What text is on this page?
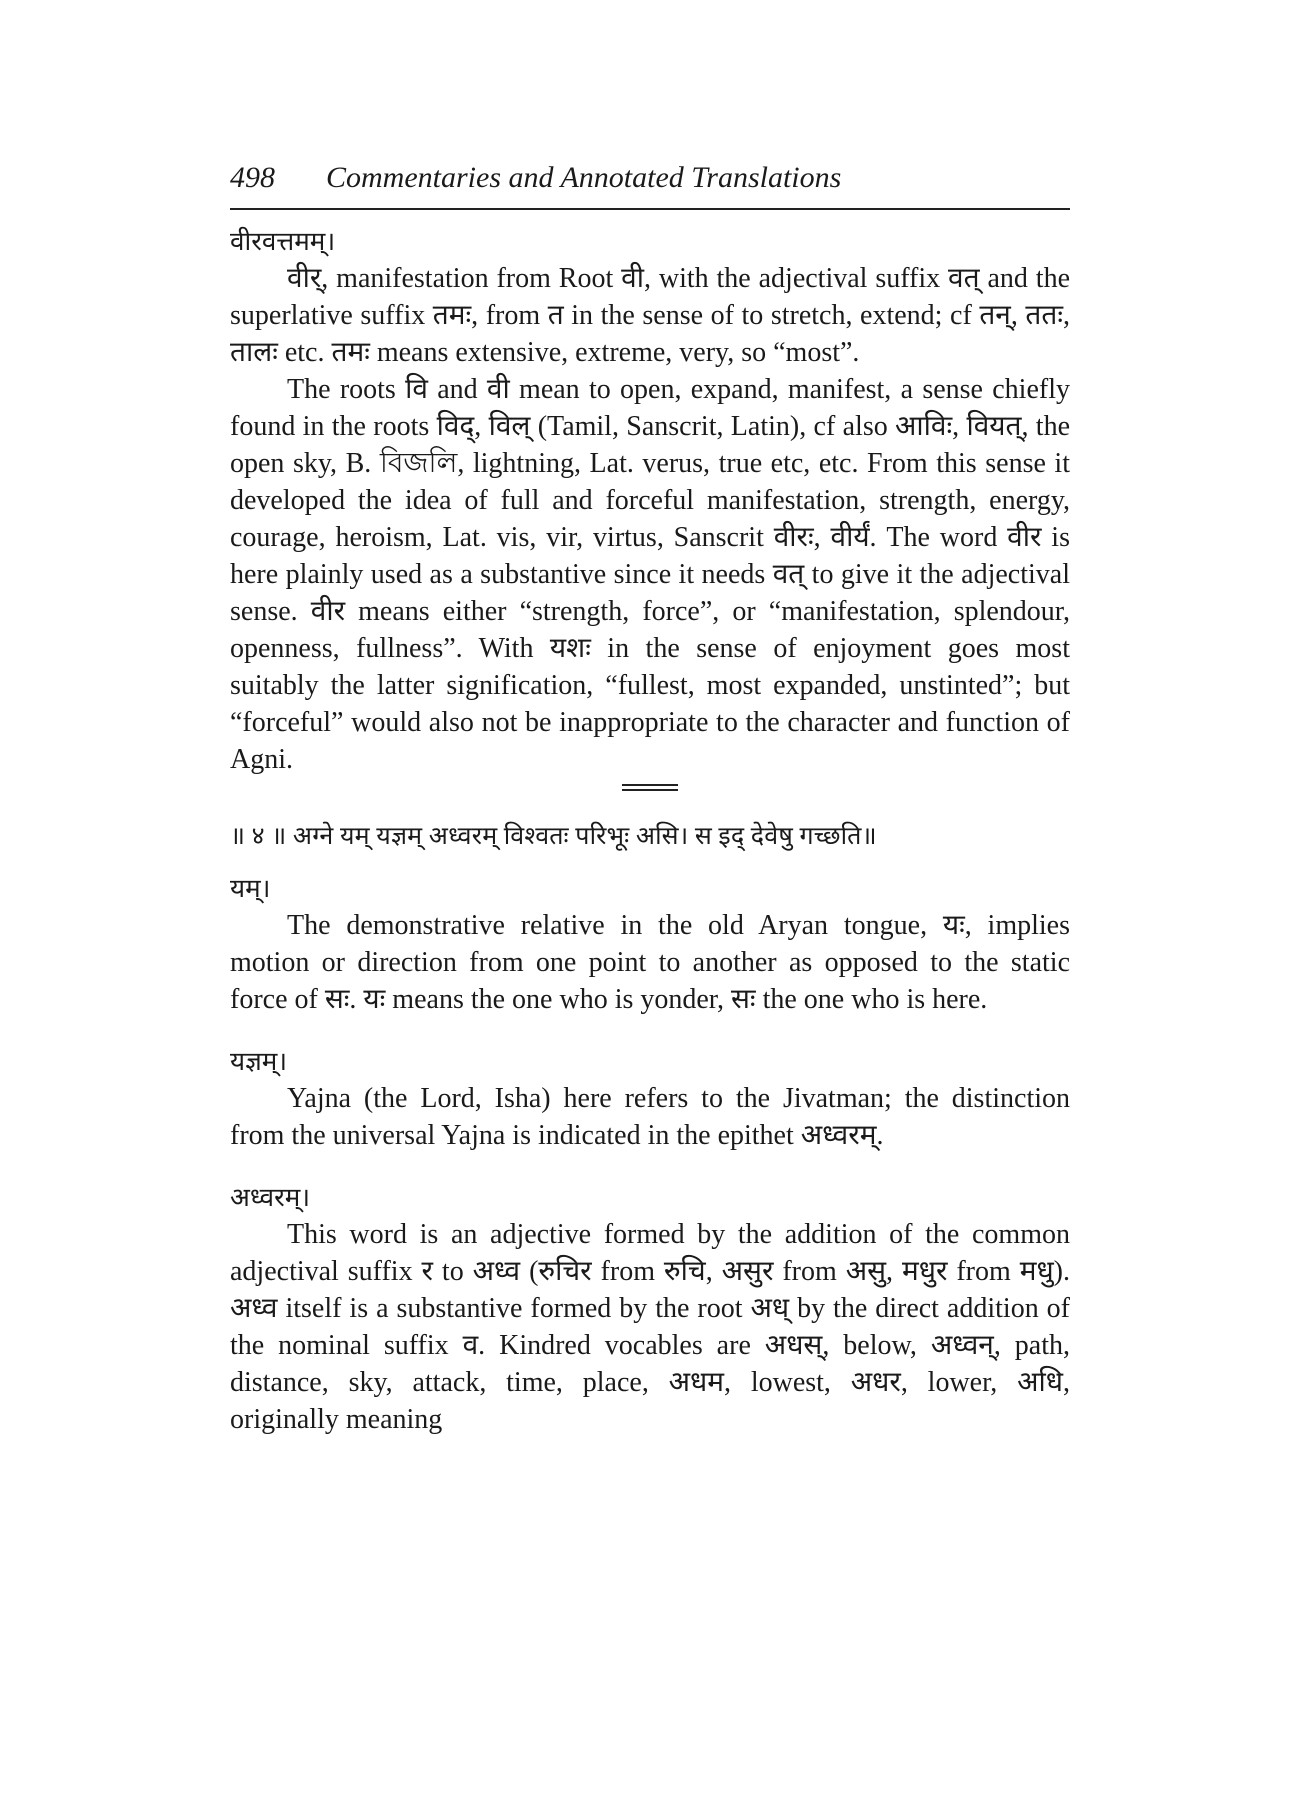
498	Commentaries and Annotated Translations

वीरवत्तमम्।

वीर्, manifestation from Root वी, with the adjectival suffix वत् and the superlative suffix तमः, from त in the sense of to stretch, extend; cf तन्, ततः, तालः etc. तमः means extensive, extreme, very, so “most”.

The roots वि and वी mean to open, expand, manifest, a sense chiefly found in the roots विद्, विल् (Tamil, Sanscrit, Latin), cf also आविः, वियत्, the open sky, B. বিজলি, lightning, Lat. verus, true etc, etc. From this sense it developed the idea of full and forceful manifestation, strength, energy, courage, heroism, Lat. vis, vir, virtus, Sanscrit वीरः, वीर्यं. The word वीर is here plainly used as a substantive since it needs वत् to give it the adjectival sense. वीर means either “strength, force”, or “manifestation, splendour, openness, fullness”. With यशः in the sense of enjoyment goes most suitably the latter signification, “fullest, most expanded, unstinted”; but “forceful” would also not be inappropriate to the character and function of Agni.

॥ ४ ॥ अग्ने यम् यज्ञम् अध्वरम् विश्वतः परिभूः असि। स इद् देवेषु गच्छति॥

यम्।

The demonstrative relative in the old Aryan tongue, यः, implies motion or direction from one point to another as opposed to the static force of सः. यः means the one who is yonder, सः the one who is here.

यज्ञम्।

Yajna (the Lord, Isha) here refers to the Jivatman; the distinction from the universal Yajna is indicated in the epithet अध्वरम्.

अध्वरम्।

This word is an adjective formed by the addition of the common adjectival suffix र to अध्व (रुचिर from रुचि, असुर from असु, मधुर from मधु). अध्व itself is a substantive formed by the root अध् by the direct addition of the nominal suffix व. Kindred vocables are अधस्, below, अध्वन्, path, distance, sky, attack, time, place, अधम, lowest, अधर, lower, अधि, originally meaning
